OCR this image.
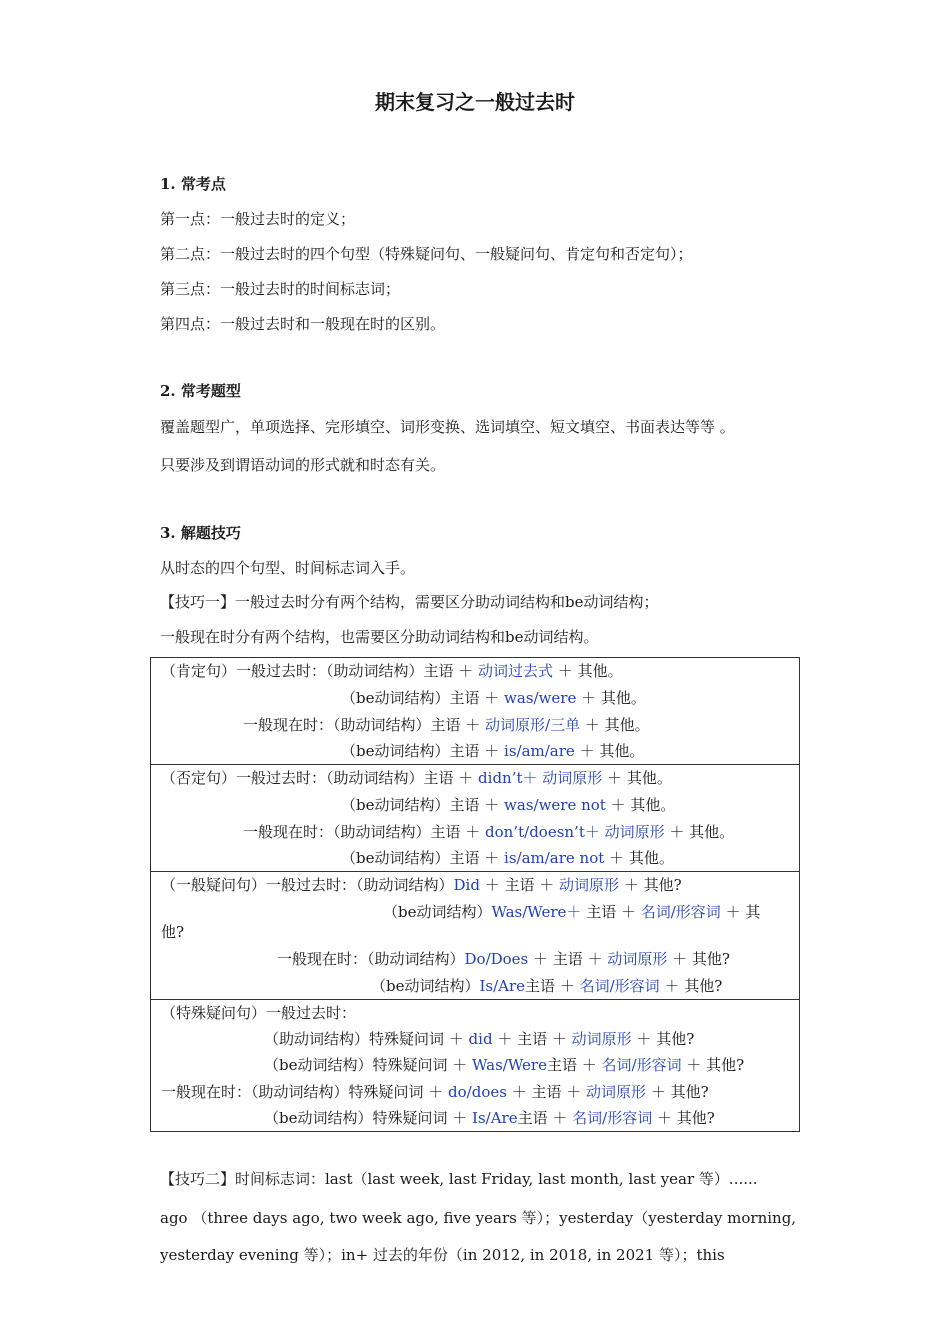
期末复习之一般过去时
1. 常考点
第一点：一般过去时的定义；
第二点：一般过去时的四个句型（特殊疑问句、一般疑问句、肯定句和否定句）；
第三点：一般过去时的时间标志词；
第四点：一般过去时和一般现在时的区别。
2. 常考题型
覆盖题型广，单项选择、完形填空、词形变换、选词填空、短文填空、书面表达等等 。
只要涉及到谓语动词的形式就和时态有关。
3. 解题技巧
从时态的四个句型、时间标志词入手。
【技巧一】一般过去时分有两个结构，需要区分助动词结构和be动词结构；
一般现在时分有两个结构，也需要区分助动词结构和be动词结构。
（肯定句）一般过去时：（助动词结构）主语 ＋ 动词过去式 ＋ 其他。
（be动词结构）主语 ＋ was/were ＋ 其他。
一般现在时：（助动词结构）主语 ＋ 动词原形/三单 ＋ 其他。
（be动词结构）主语 ＋ is/am/are ＋ 其他。

（否定句）一般过去时：（助动词结构）主语 ＋ didn’t＋ 动词原形 ＋ 其他。
（be动词结构）主语 ＋ was/were not ＋ 其他。
一般现在时：（助动词结构）主语 ＋ don’t/doesn’t＋ 动词原形 ＋ 其他。
（be动词结构）主语 ＋ is/am/are not ＋ 其他。

（一般疑问句）一般过去时：（助动词结构）Did ＋ 主语 ＋ 动词原形 ＋ 其他?
（be动词结构）Was/Were＋ 主语 ＋ 名词/形容词 ＋ 其
他?
一般现在时：（助动词结构）Do/Does ＋ 主语 ＋ 动词原形 ＋ 其他?
（be动词结构）Is/Are主语 ＋ 名词/形容词 ＋ 其他?

（特殊疑问句）一般过去时：
（助动词结构）特殊疑问词 ＋ did ＋ 主语 ＋ 动词原形 ＋ 其他?
（be动词结构）特殊疑问词 ＋ Was/Were主语 ＋ 名词/形容词 ＋ 其他?
一般现在时：（助动词结构）特殊疑问词 ＋ do/does ＋ 主语 ＋ 动词原形 ＋ 其他?
（be动词结构）特殊疑问词 ＋ Is/Are主语 ＋ 名词/形容词 ＋ 其他?
【技巧二】时间标志词：last（last week, last Friday, last month, last year 等）......
ago （three days ago, two week ago, five years 等）；yesterday（yesterday morning,
yesterday evening 等）；in+ 过去的年份（in 2012, in 2018, in 2021 等）；this
